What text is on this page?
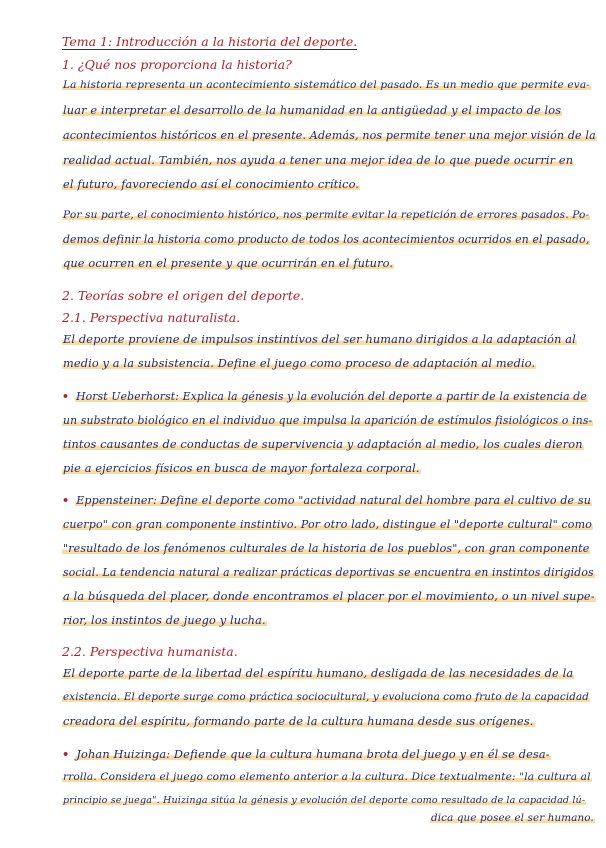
Tema 1: Introducción a la historia del deporte.
1. ¿Qué nos proporciona la historia?
La historia representa un acontecimiento sistemático del pasado. Es un medio que permite eva-
luar e interpretar el desarrollo de la humanidad en la antigüedad y el impacto de los
acontecimientos históricos en el presente. Además, nos permite tener una mejor visión de la
realidad actual. También, nos ayuda a tener una mejor idea de lo que puede ocurrir en
el futuro, favoreciendo así el conocimiento crítico.
Por su parte, el conocimiento histórico, nos permite evitar la repetición de errores pasados. Po-
demos definir la historia como producto de todos los acontecimientos ocurridos en el pasado,
que ocurren en el presente y que ocurrirán en el futuro.
2. Teorías sobre el origen del deporte.
2.1. Perspectiva naturalista.
El deporte proviene de impulsos instintivos del ser humano dirigidos a la adaptación al
medio y a la subsistencia. Define el juego como proceso de adaptación al medio.
• Horst Ueberhorst: Explica la génesis y la evolución del deporte a partir de la existencia de
un substrato biológico en el individuo que impulsa la aparición de estímulos fisiológicos o ins-
tintos causantes de conductas de supervivencia y adaptación al medio, los cuales dieron
pie a ejercicios físicos en busca de mayor fortaleza corporal.
• Eppensteiner: Define el deporte como "actividad natural del hombre para el cultivo de su
cuerpo" con gran componente instintivo. Por otro lado, distingue el "deporte cultural" como
"resultado de los fenómenos culturales de la historia de los pueblos", con gran componente
social. La tendencia natural a realizar prácticas deportivas se encuentra en instintos dirigidos
a la búsqueda del placer, donde encontramos el placer por el movimiento, o un nivel supe-
rior, los instintos de juego y lucha.
2.2. Perspectiva humanista.
El deporte parte de la libertad del espíritu humano, desligada de las necesidades de la
existencia. El deporte surge como práctica sociocultural, y evoluciona como fruto de la capacidad
creadora del espíritu, formando parte de la cultura humana desde sus orígenes.
• Johan Huizinga: Defiende que la cultura humana brota del juego y en él se desa-
rrolla. Considera el juego como elemento anterior a la cultura. Dice textualmente: "la cultura al
principio se juega". Huizinga sitúa la génesis y evolución del deporte como resultado de la capacidad lú-
dica que posee el ser humano.
